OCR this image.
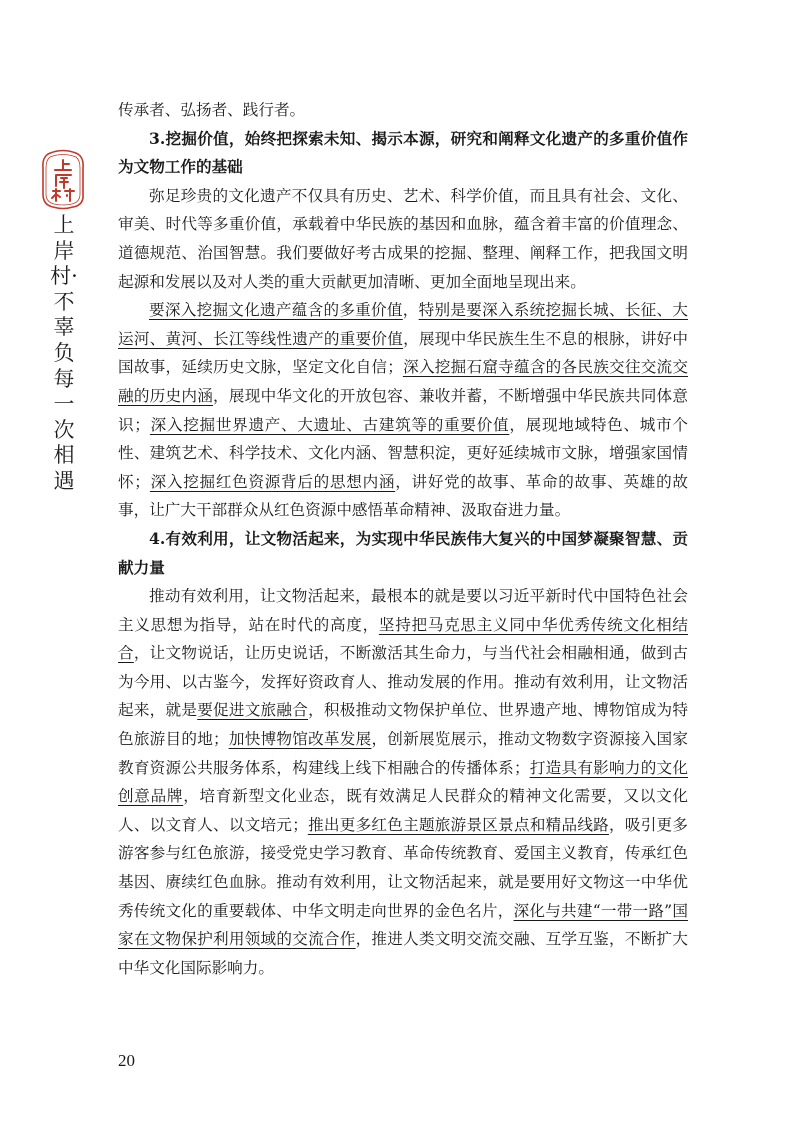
上岸村·不辜负每一次相遇

传承者、弘扬者、践行者。

3.挖掘价值，始终把探索未知、揭示本源，研究和阐释文化遗产的多重价值作为文物工作的基础

弥足珍贵的文化遗产不仅具有历史、艺术、科学价值，而且具有社会、文化、审美、时代等多重价值，承载着中华民族的基因和血脉，蕴含着丰富的价值理念、道德规范、治国智慧。我们要做好考古成果的挖掘、整理、阐释工作，把我国文明起源和发展以及对人类的重大贡献更加清晰、更加全面地呈现出来。

要深入挖掘文化遗产蕴含的多重价值，特别是要深入系统挖掘长城、长征、大运河、黄河、长江等线性遗产的重要价值，展现中华民族生生不息的根脉，讲好中国故事，延续历史文脉，坚定文化自信；深入挖掘石窟寺蕴含的各民族交往交流交融的历史内涵，展现中华文化的开放包容、兼收并蓄，不断增强中华民族共同体意识；深入挖掘世界遗产、大遗址、古建筑等的重要价值，展现地域特色、城市个性、建筑艺术、科学技术、文化内涵、智慧积淀，更好延续城市文脉，增强家国情怀；深入挖掘红色资源背后的思想内涵，讲好党的故事、革命的故事、英雄的故事，让广大干部群众从红色资源中感悟革命精神、汲取奋进力量。

4.有效利用，让文物活起来，为实现中华民族伟大复兴的中国梦凝聚智慧、贡献力量

推动有效利用，让文物活起来，最根本的就是要以习近平新时代中国特色社会主义思想为指导，站在时代的高度，坚持把马克思主义同中华优秀传统文化相结合，让文物说话，让历史说话，不断激活其生命力，与当代社会相融相通，做到古为今用、以古鉴今，发挥好资政育人、推动发展的作用。推动有效利用，让文物活起来，就是要促进文旅融合，积极推动文物保护单位、世界遗产地、博物馆成为特色旅游目的地；加快博物馆改革发展，创新展览展示，推动文物数字资源接入国家教育资源公共服务体系，构建线上线下相融合的传播体系；打造具有影响力的文化创意品牌，培育新型文化业态，既有效满足人民群众的精神文化需要，又以文化人、以文育人、以文培元；推出更多红色主题旅游景区景点和精品线路，吸引更多游客参与红色旅游，接受党史学习教育、革命传统教育、爱国主义教育，传承红色基因、赓续红色血脉。推动有效利用，让文物活起来，就是要用好文物这一中华优秀传统文化的重要载体、中华文明走向世界的金色名片，深化与共建“一带一路”国家在文物保护利用领域的交流合作，推进人类文明交流交融、互学互鉴，不断扩大中华文化国际影响力。

20
